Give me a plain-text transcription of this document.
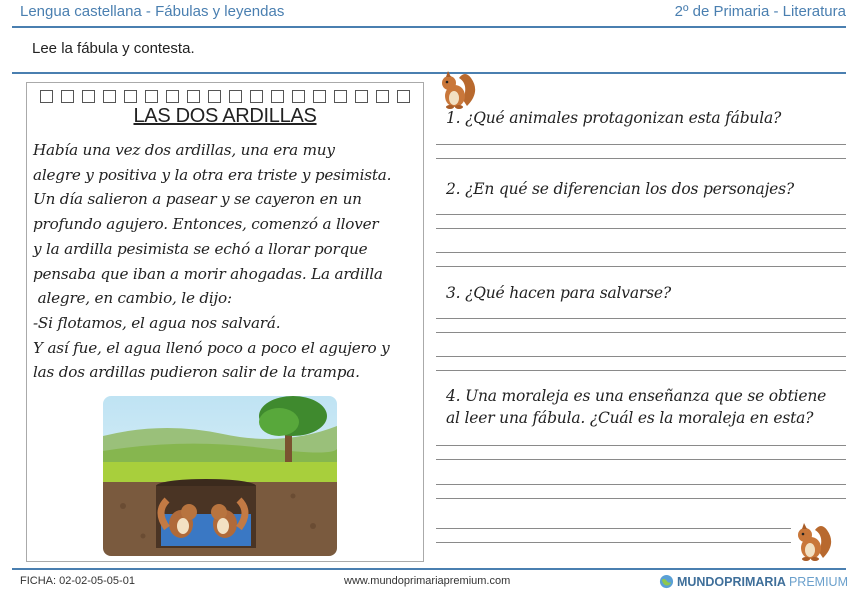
Lengua castellana - Fábulas y leyendas	2º de Primaria - Literatura
Lee la fábula y contesta.
LAS DOS ARDILLAS
Había una vez dos ardillas, una era muy
alegre y positiva y la otra era triste y pesimista.
Un día salieron a pasear y se cayeron en un
profundo agujero. Entonces, comenzó a llover
y la ardilla pesimista se echó a llorar porque
pensaba que iban a morir ahogadas. La ardilla
alegre, en cambio, le dijo:
-Si flotamos, el agua nos salvará.
Y así fue, el agua llenó poco a poco el agujero y
las dos ardillas pudieron salir de la trampa.
1. ¿Qué animales protagonizan esta fábula?
2. ¿En qué se diferencian los dos personajes?
3. ¿Qué hacen para salvarse?
4. Una moraleja es una enseñanza que se obtiene
al leer una fábula. ¿Cuál es la moraleja en esta?
FICHA: 02-02-05-05-01	www.mundoprimariapremium.com	MUNDOPRIMARIA PREMIUM
